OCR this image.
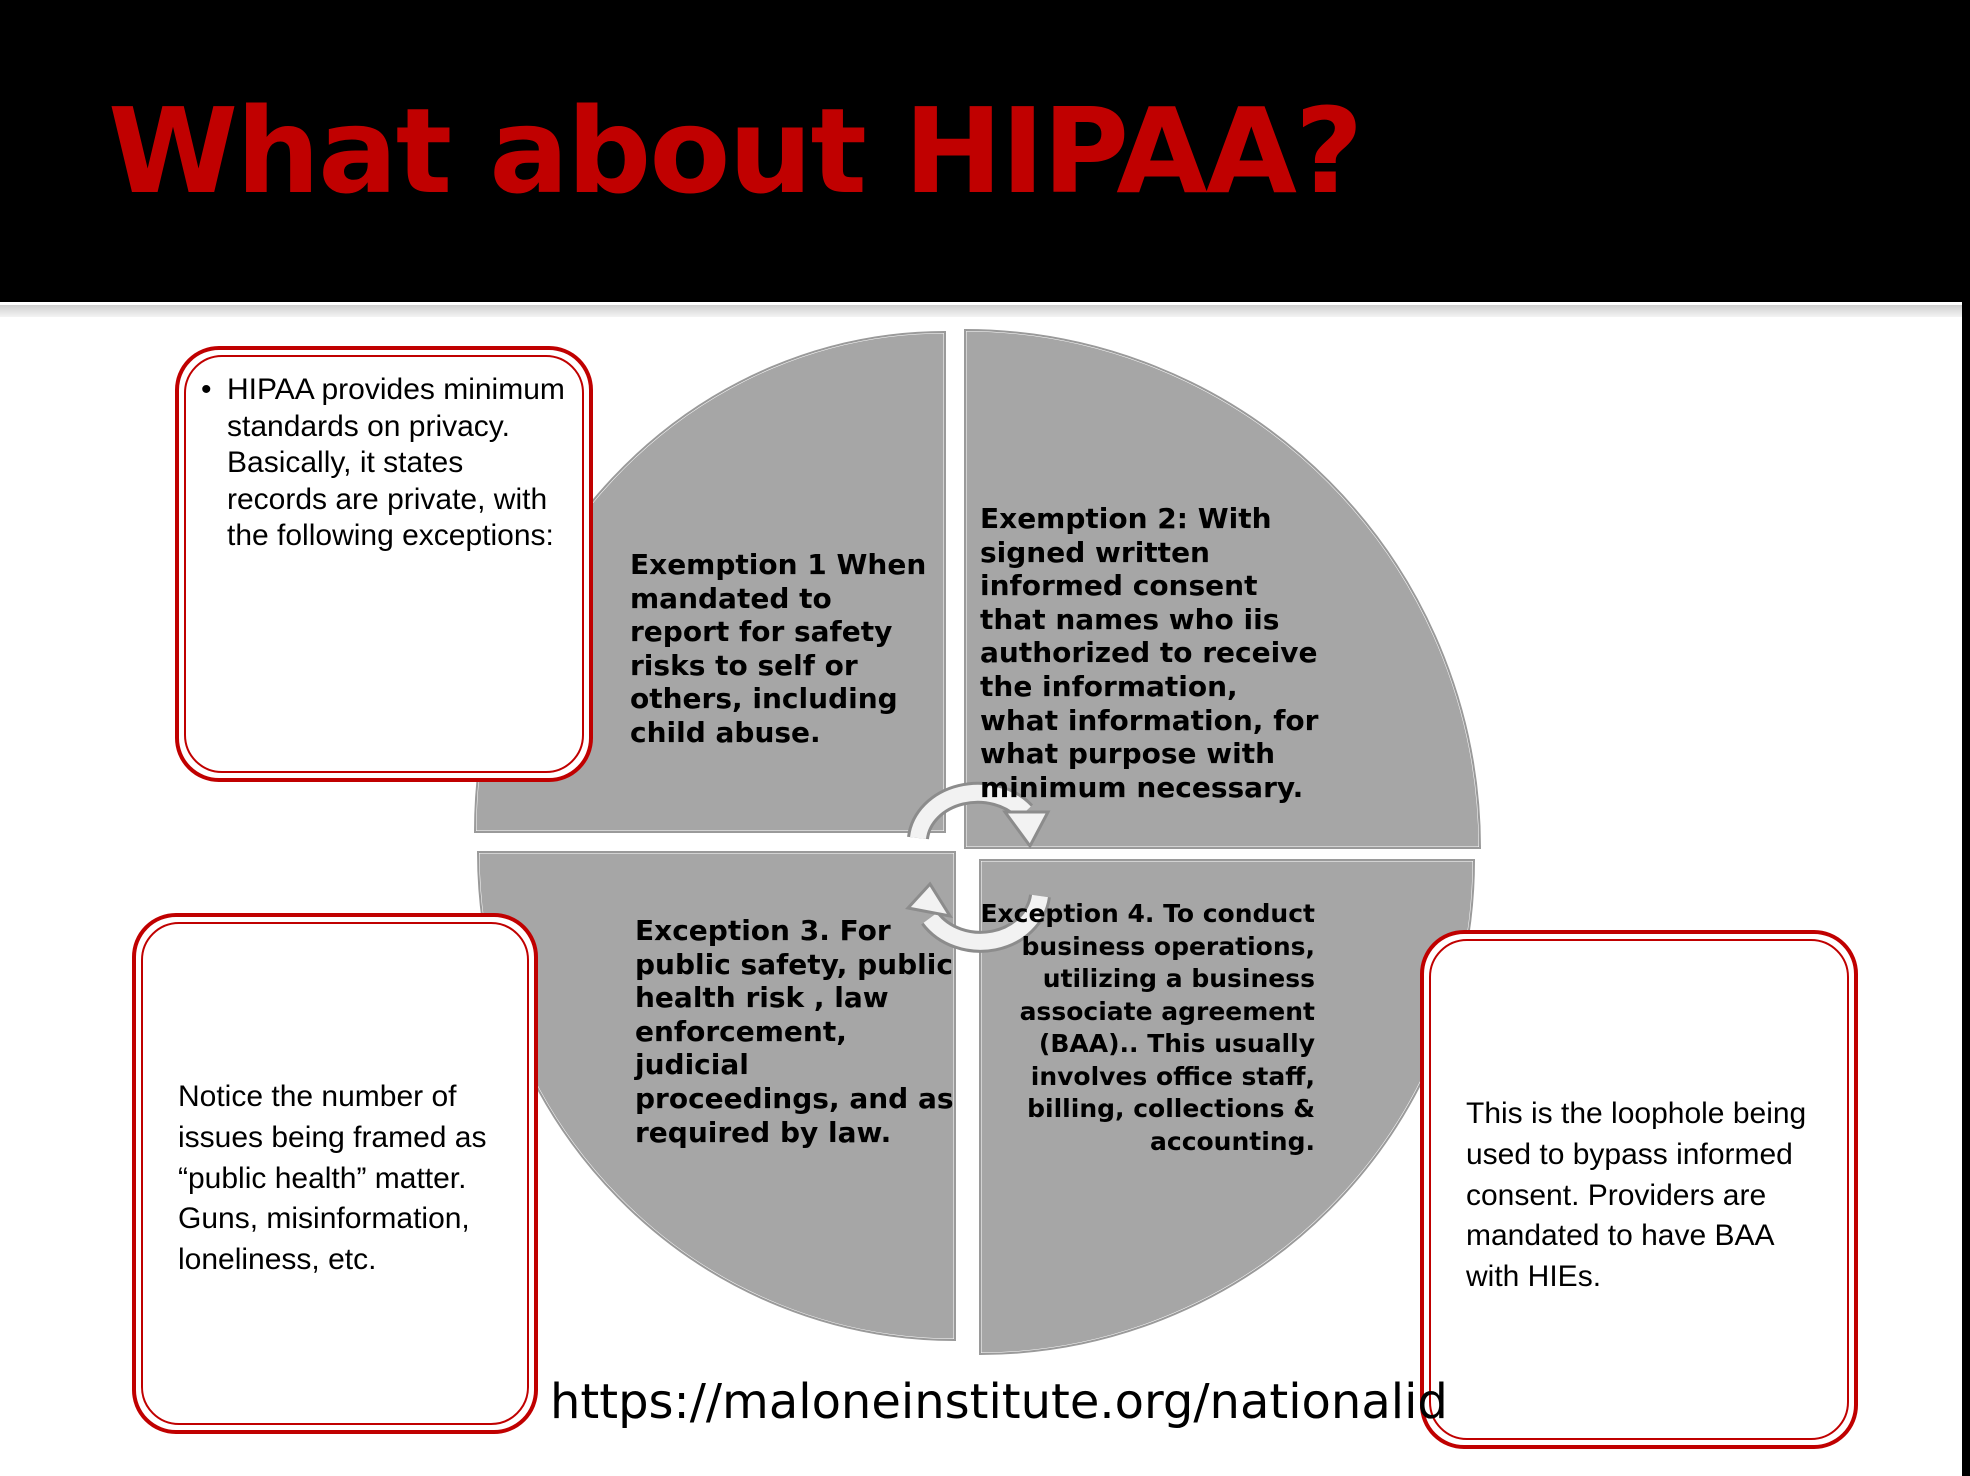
What about HIPAA?
Exemption 1 When mandated to report for safety risks to self or others, including child abuse.
Exemption 2: With signed written informed consent that names who iis authorized to receive the information, what information, for what purpose with minimum necessary.
Exception 3. For public safety, public health risk , law enforcement, judicial proceedings, and as required by law.
Exception 4. To conduct business operations, utilizing a business associate agreement (BAA).. This usually involves office staff, billing, collections & accounting.
• HIPAA provides minimum standards on privacy. Basically, it states records are private, with the following exceptions:
Notice the number of issues being framed as “public health” matter. Guns, misinformation, loneliness, etc.
This is the loophole being used to bypass informed consent. Providers are mandated to have BAA with HIEs.
https://maloneinstitute.org/nationalid
